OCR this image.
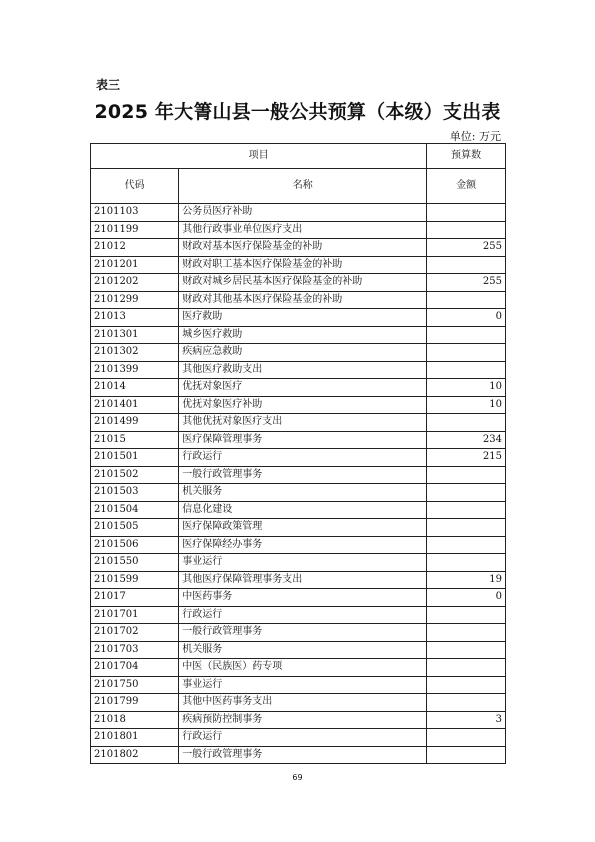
表三
2025 年大箐山县一般公共预算（本级）支出表
单位: 万元
项目		预算数
代码	名称	金额
2101103	公务员医疗补助	
2101199	其他行政事业单位医疗支出	
21012	财政对基本医疗保险基金的补助	255
2101201	财政对职工基本医疗保险基金的补助	
2101202	财政对城乡居民基本医疗保险基金的补助	255
2101299	财政对其他基本医疗保险基金的补助	
21013	医疗救助	0
2101301	城乡医疗救助	
2101302	疾病应急救助	
2101399	其他医疗救助支出	
21014	优抚对象医疗	10
2101401	优抚对象医疗补助	10
2101499	其他优抚对象医疗支出	
21015	医疗保障管理事务	234
2101501	行政运行	215
2101502	一般行政管理事务	
2101503	机关服务	
2101504	信息化建设	
2101505	医疗保障政策管理	
2101506	医疗保障经办事务	
2101550	事业运行	
2101599	其他医疗保障管理事务支出	19
21017	中医药事务	0
2101701	行政运行	
2101702	一般行政管理事务	
2101703	机关服务	
2101704	中医（民族医）药专项	
2101750	事业运行	
2101799	其他中医药事务支出	
21018	疾病预防控制事务	3
2101801	行政运行	
2101802	一般行政管理事务	
69
